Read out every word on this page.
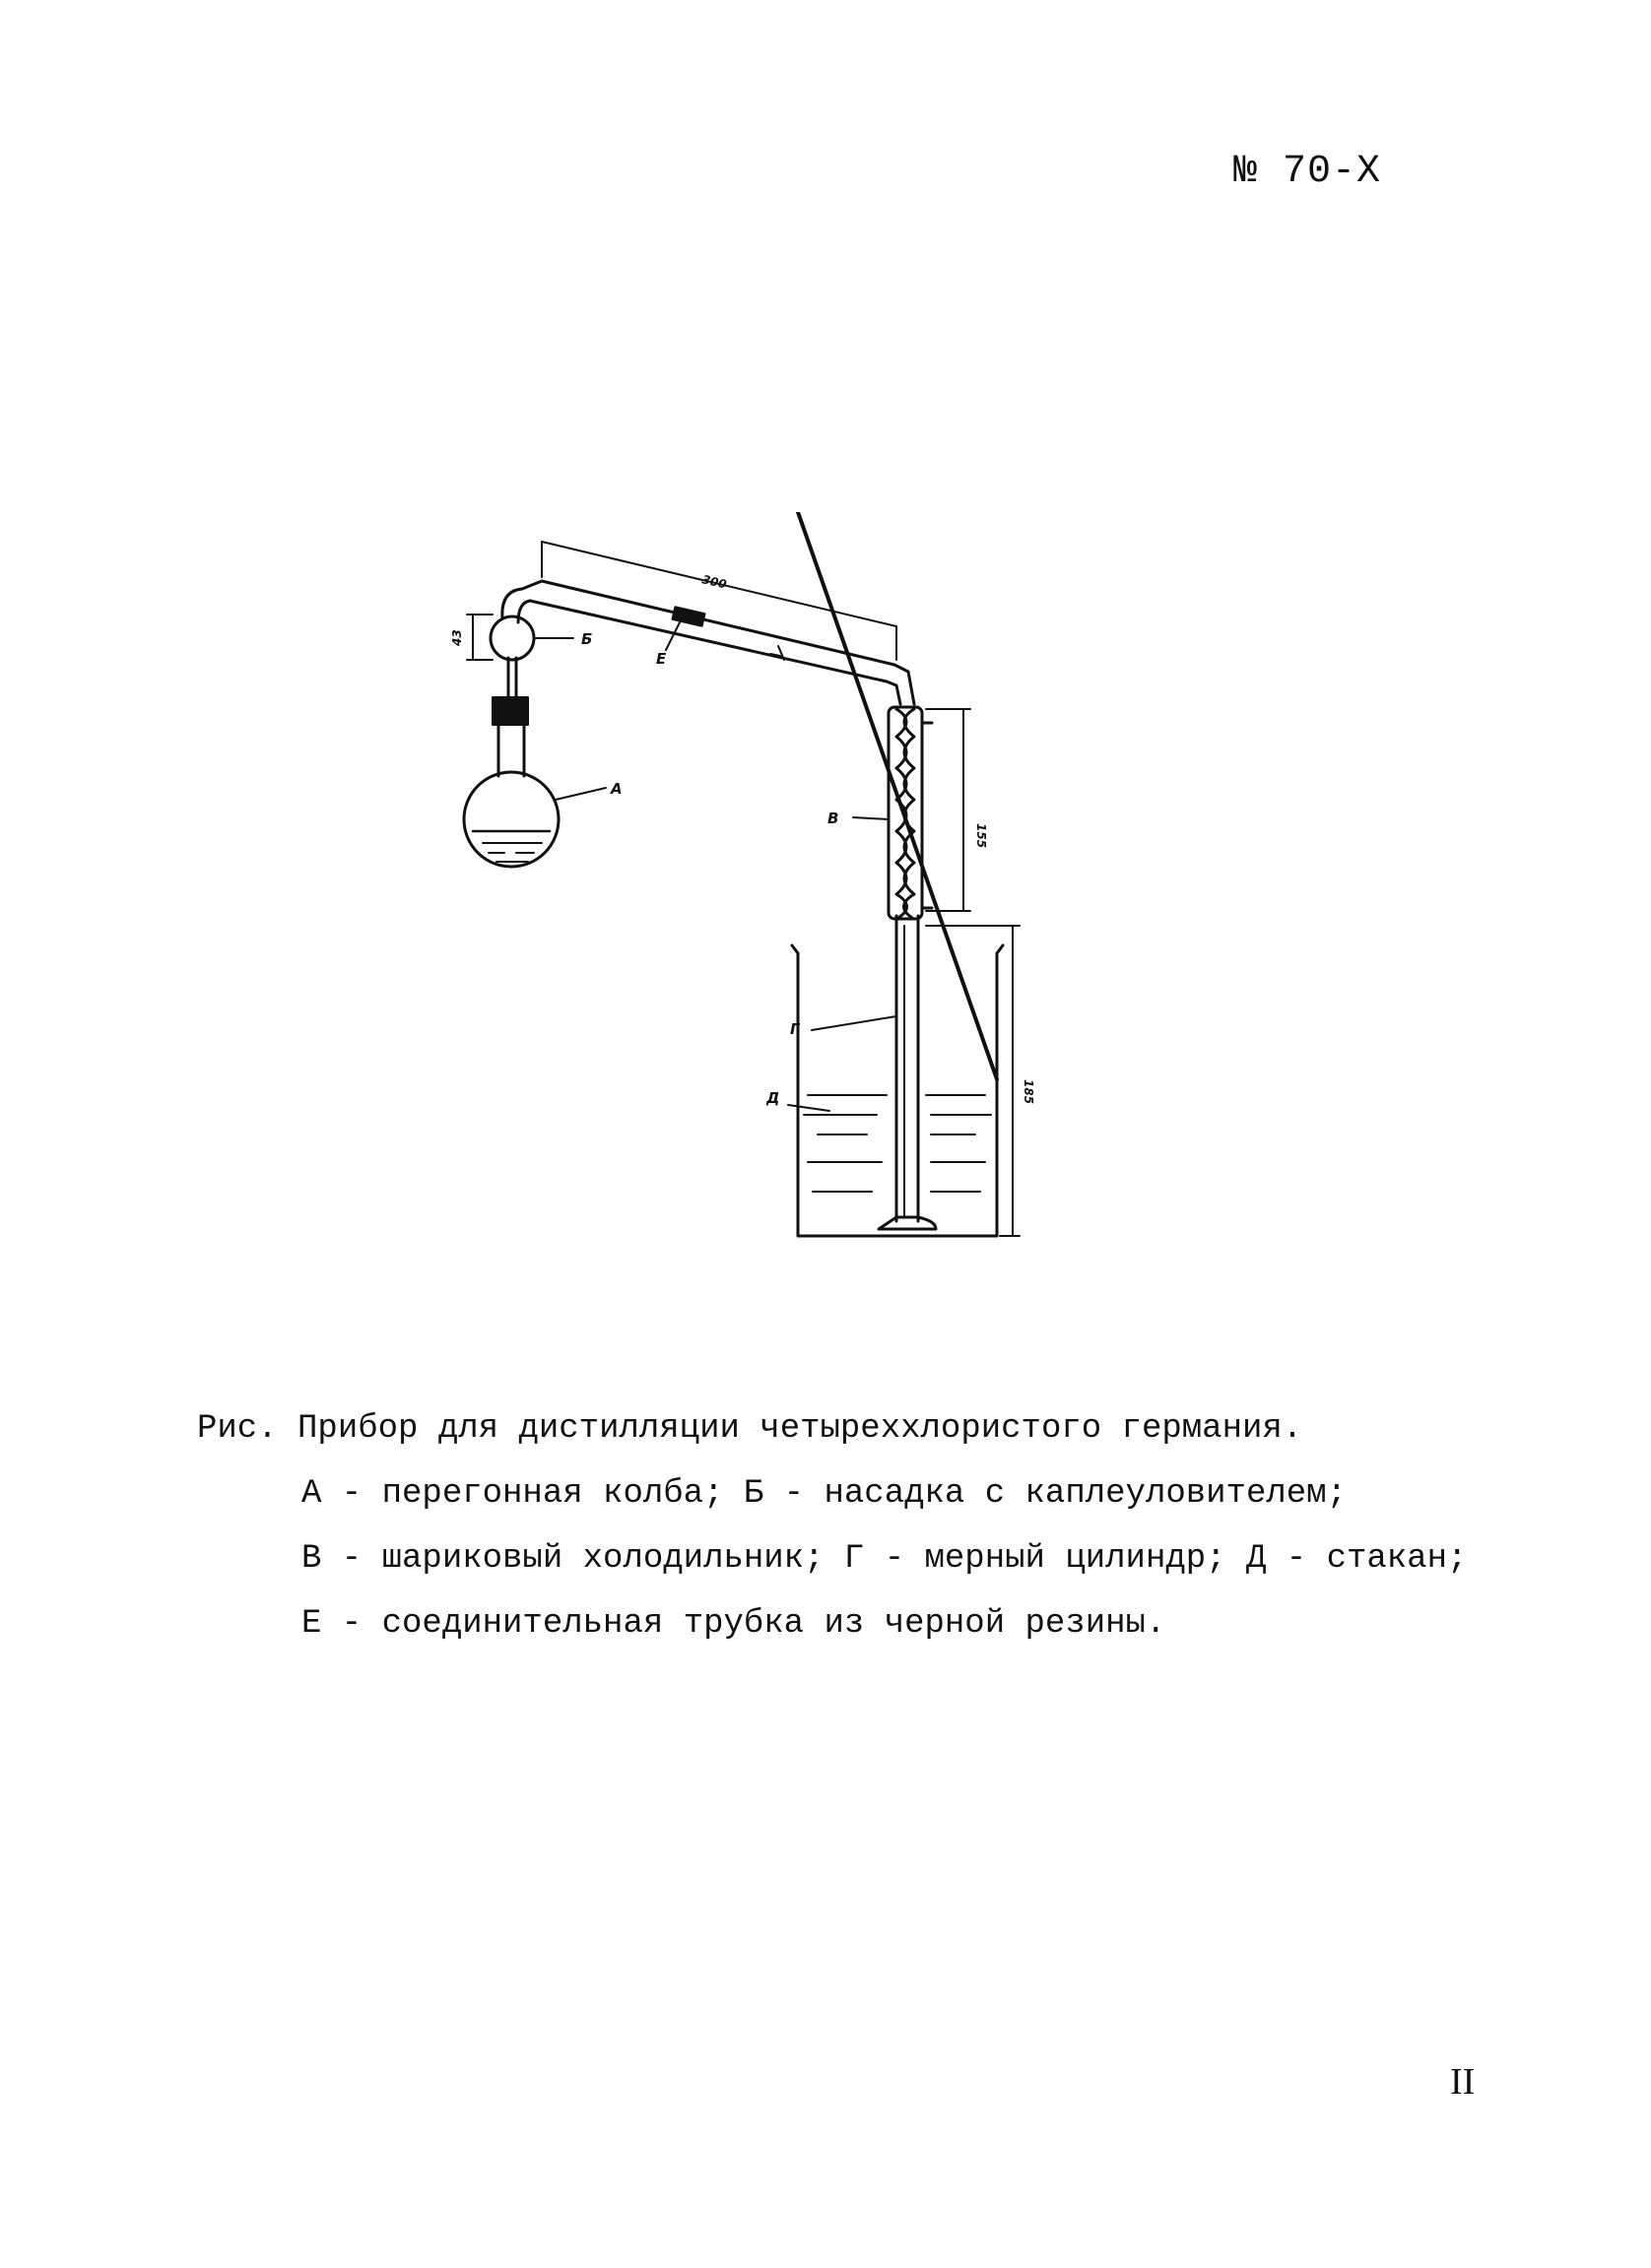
№ 70-X
Б
А
В
Г
Д
Е
43
300
155
185
Рис. Прибор для дистилляции четыреххлористого германия.
А - перегонная колба; Б - насадка с каплеуловителем;
В - шариковый холодильник; Г - мерный цилиндр; Д - стакан;
Е - соединительная трубка из черной резины.
II
